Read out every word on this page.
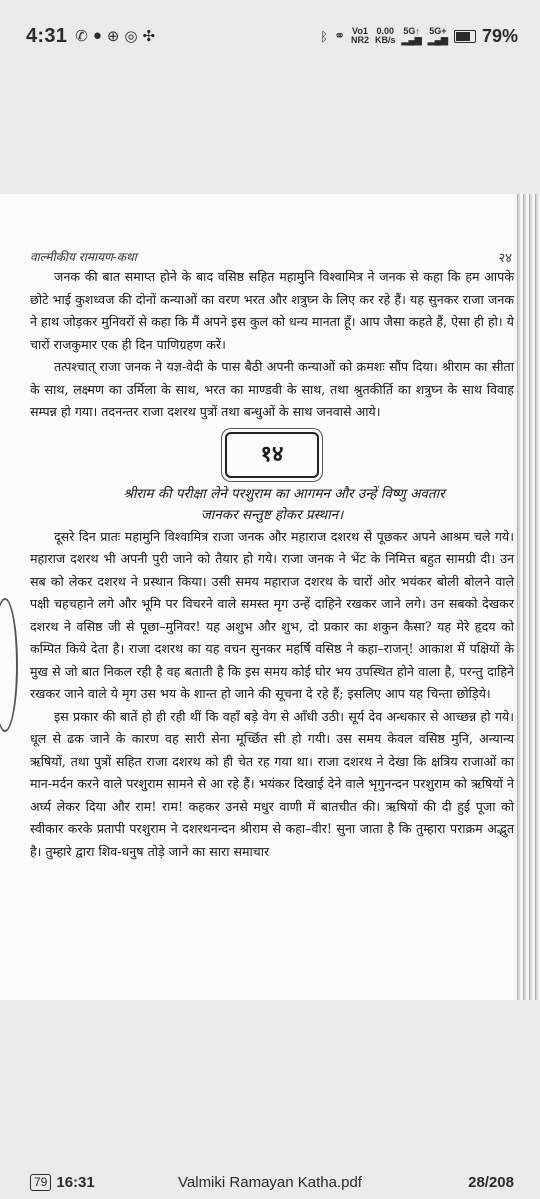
4:31 ✆ ● ⊕ ◎ ✣	ᛒ ⚭ Vo1
NR2
0.00
KB/s
5G↑
▂▄▆
5G+
▂▄▆ 79%
वाल्मीकीय रामायण-कथा	२४

जनक की बात समाप्त होने के बाद वसिष्ठ सहित महामुनि विश्वामित्र ने जनक से कहा कि हम आपके छोटे भाई कुशध्वज की दोनों कन्याओं का वरण भरत और शत्रुघ्न के लिए कर रहे हैं। यह सुनकर राजा जनक ने हाथ जोड़कर मुनिवरों से कहा कि मैं अपने इस कुल को धन्य मानता हूँ। आप जैसा कहते हैं, ऐसा ही हो। ये चारों राजकुमार एक ही दिन पाणिग्रहण करें।

तत्पश्चात् राजा जनक ने यज्ञ-वेदी के पास बैठी अपनी कन्याओं को क्रमशः सौंप दिया। श्रीराम का सीता के साथ, लक्ष्मण का उर्मिला के साथ, भरत का माण्डवी के साथ, तथा श्रुतकीर्ति का शत्रुघ्न के साथ विवाह सम्पन्न हो गया। तदनन्तर राजा दशरथ पुत्रों तथा बन्धुओं के साथ जनवासे आये।

१४

श्रीराम की परीक्षा लेने परशुराम का आगमन और उन्हें विष्णु अवतार
जानकर सन्तुष्ट होकर प्रस्थान।

दूसरे दिन प्रातः महामुनि विश्वामित्र राजा जनक और महाराज दशरथ से पूछकर अपने आश्रम चले गये। महाराज दशरथ भी अपनी पुरी जाने को तैयार हो गये। राजा जनक ने भेंट के निमित्त बहुत सामग्री दी। उन सब को लेकर दशरथ ने प्रस्थान किया। उसी समय महाराज दशरथ के चारों ओर भयंकर बोली बोलने वाले पक्षी चहचहाने लगे और भूमि पर विचरने वाले समस्त मृग उन्हें दाहिने रखकर जाने लगे। उन सबको देखकर दशरथ ने वसिष्ठ जी से पूछा–मुनिवर! यह अशुभ और शुभ, दो प्रकार का शकुन कैसा? यह मेरे हृदय को कम्पित किये देता है। राजा दशरथ का यह वचन सुनकर महर्षि वसिष्ठ ने कहा–राजन्! आकाश में पक्षियों के मुख से जो बात निकल रही है वह बताती है कि इस समय कोई घोर भय उपस्थित होने वाला है, परन्तु दाहिने रखकर जाने वाले ये मृग उस भय के शान्त हो जाने की सूचना दे रहे हैं; इसलिए आप यह चिन्ता छोड़िये।

इस प्रकार की बातें हो ही रही थीं कि वहाँ बड़े वेग से आँधी उठी। सूर्य देव अन्धकार से आच्छन्न हो गये। धूल से ढक जाने के कारण वह सारी सेना मूर्च्छित सी हो गयी। उस समय केवल वसिष्ठ मुनि, अन्यान्य ऋषियों, तथा पुत्रों सहित राजा दशरथ को ही चेत रह गया था। राजा दशरथ ने देखा कि क्षत्रिय राजाओं का मान-मर्दन करने वाले परशुराम सामने से आ रहे हैं। भयंकर दिखाई देने वाले भृगुनन्दन परशुराम को ऋषियों ने अर्घ्य लेकर दिया और राम! राम! कहकर उनसे मधुर वाणी में बातचीत की। ऋषियों की दी हुई पूजा को स्वीकार करके प्रतापी परशुराम ने दशरथनन्दन श्रीराम से कहा–वीर! सुना जाता है कि तुम्हारा पराक्रम अद्भुत है। तुम्हारे द्वारा शिव-धनुष तोड़े जाने का सारा समाचार

79 16:31	Valmiki Ramayan Katha.pdf	28/208
